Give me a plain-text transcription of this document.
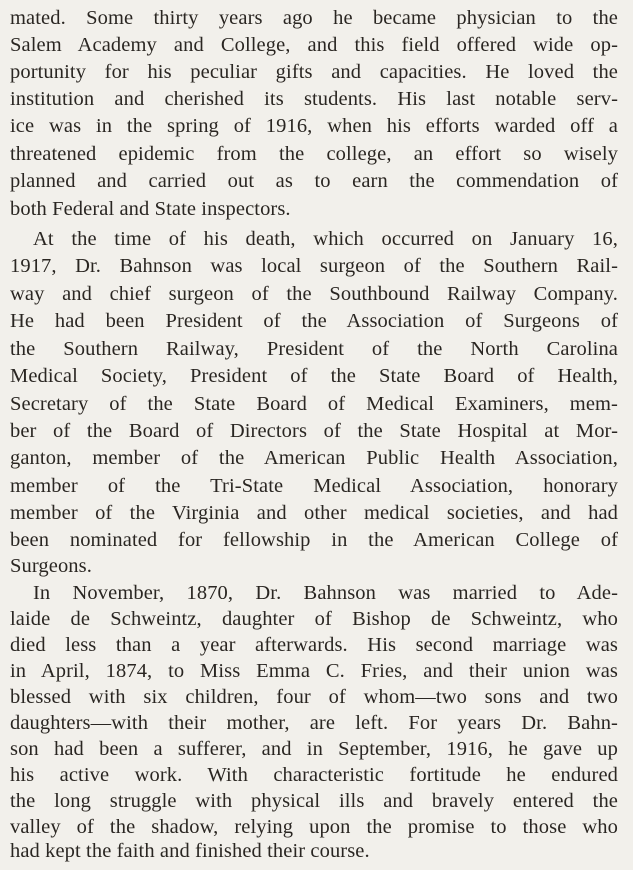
mated. Some thirty years ago he became physician to the
Salem Academy and College, and this field offered wide op-
portunity for his peculiar gifts and capacities. He loved the
institution and cherished its students. His last notable serv-
ice was in the spring of 1916, when his efforts warded off a
threatened epidemic from the college, an effort so wisely
planned and carried out as to earn the commendation of
both Federal and State inspectors.
At the time of his death, which occurred on January 16,
1917, Dr. Bahnson was local surgeon of the Southern Rail-
way and chief surgeon of the Southbound Railway Company.
He had been President of the Association of Surgeons of
the Southern Railway, President of the North Carolina
Medical Society, President of the State Board of Health,
Secretary of the State Board of Medical Examiners, mem-
ber of the Board of Directors of the State Hospital at Mor-
ganton, member of the American Public Health Association,
member of the Tri-State Medical Association, honorary
member of the Virginia and other medical societies, and had
been nominated for fellowship in the American College of
Surgeons.
In November, 1870, Dr. Bahnson was married to Ade-
laide de Schweintz, daughter of Bishop de Schweintz, who
died less than a year afterwards. His second marriage was
in April, 1874, to Miss Emma C. Fries, and their union was
blessed with six children, four of whom—two sons and two
daughters—with their mother, are left. For years Dr. Bahn-
son had been a sufferer, and in September, 1916, he gave up
his active work. With characteristic fortitude he endured
the long struggle with physical ills and bravely entered the
valley of the shadow, relying upon the promise to those who
had kept the faith and finished their course.
